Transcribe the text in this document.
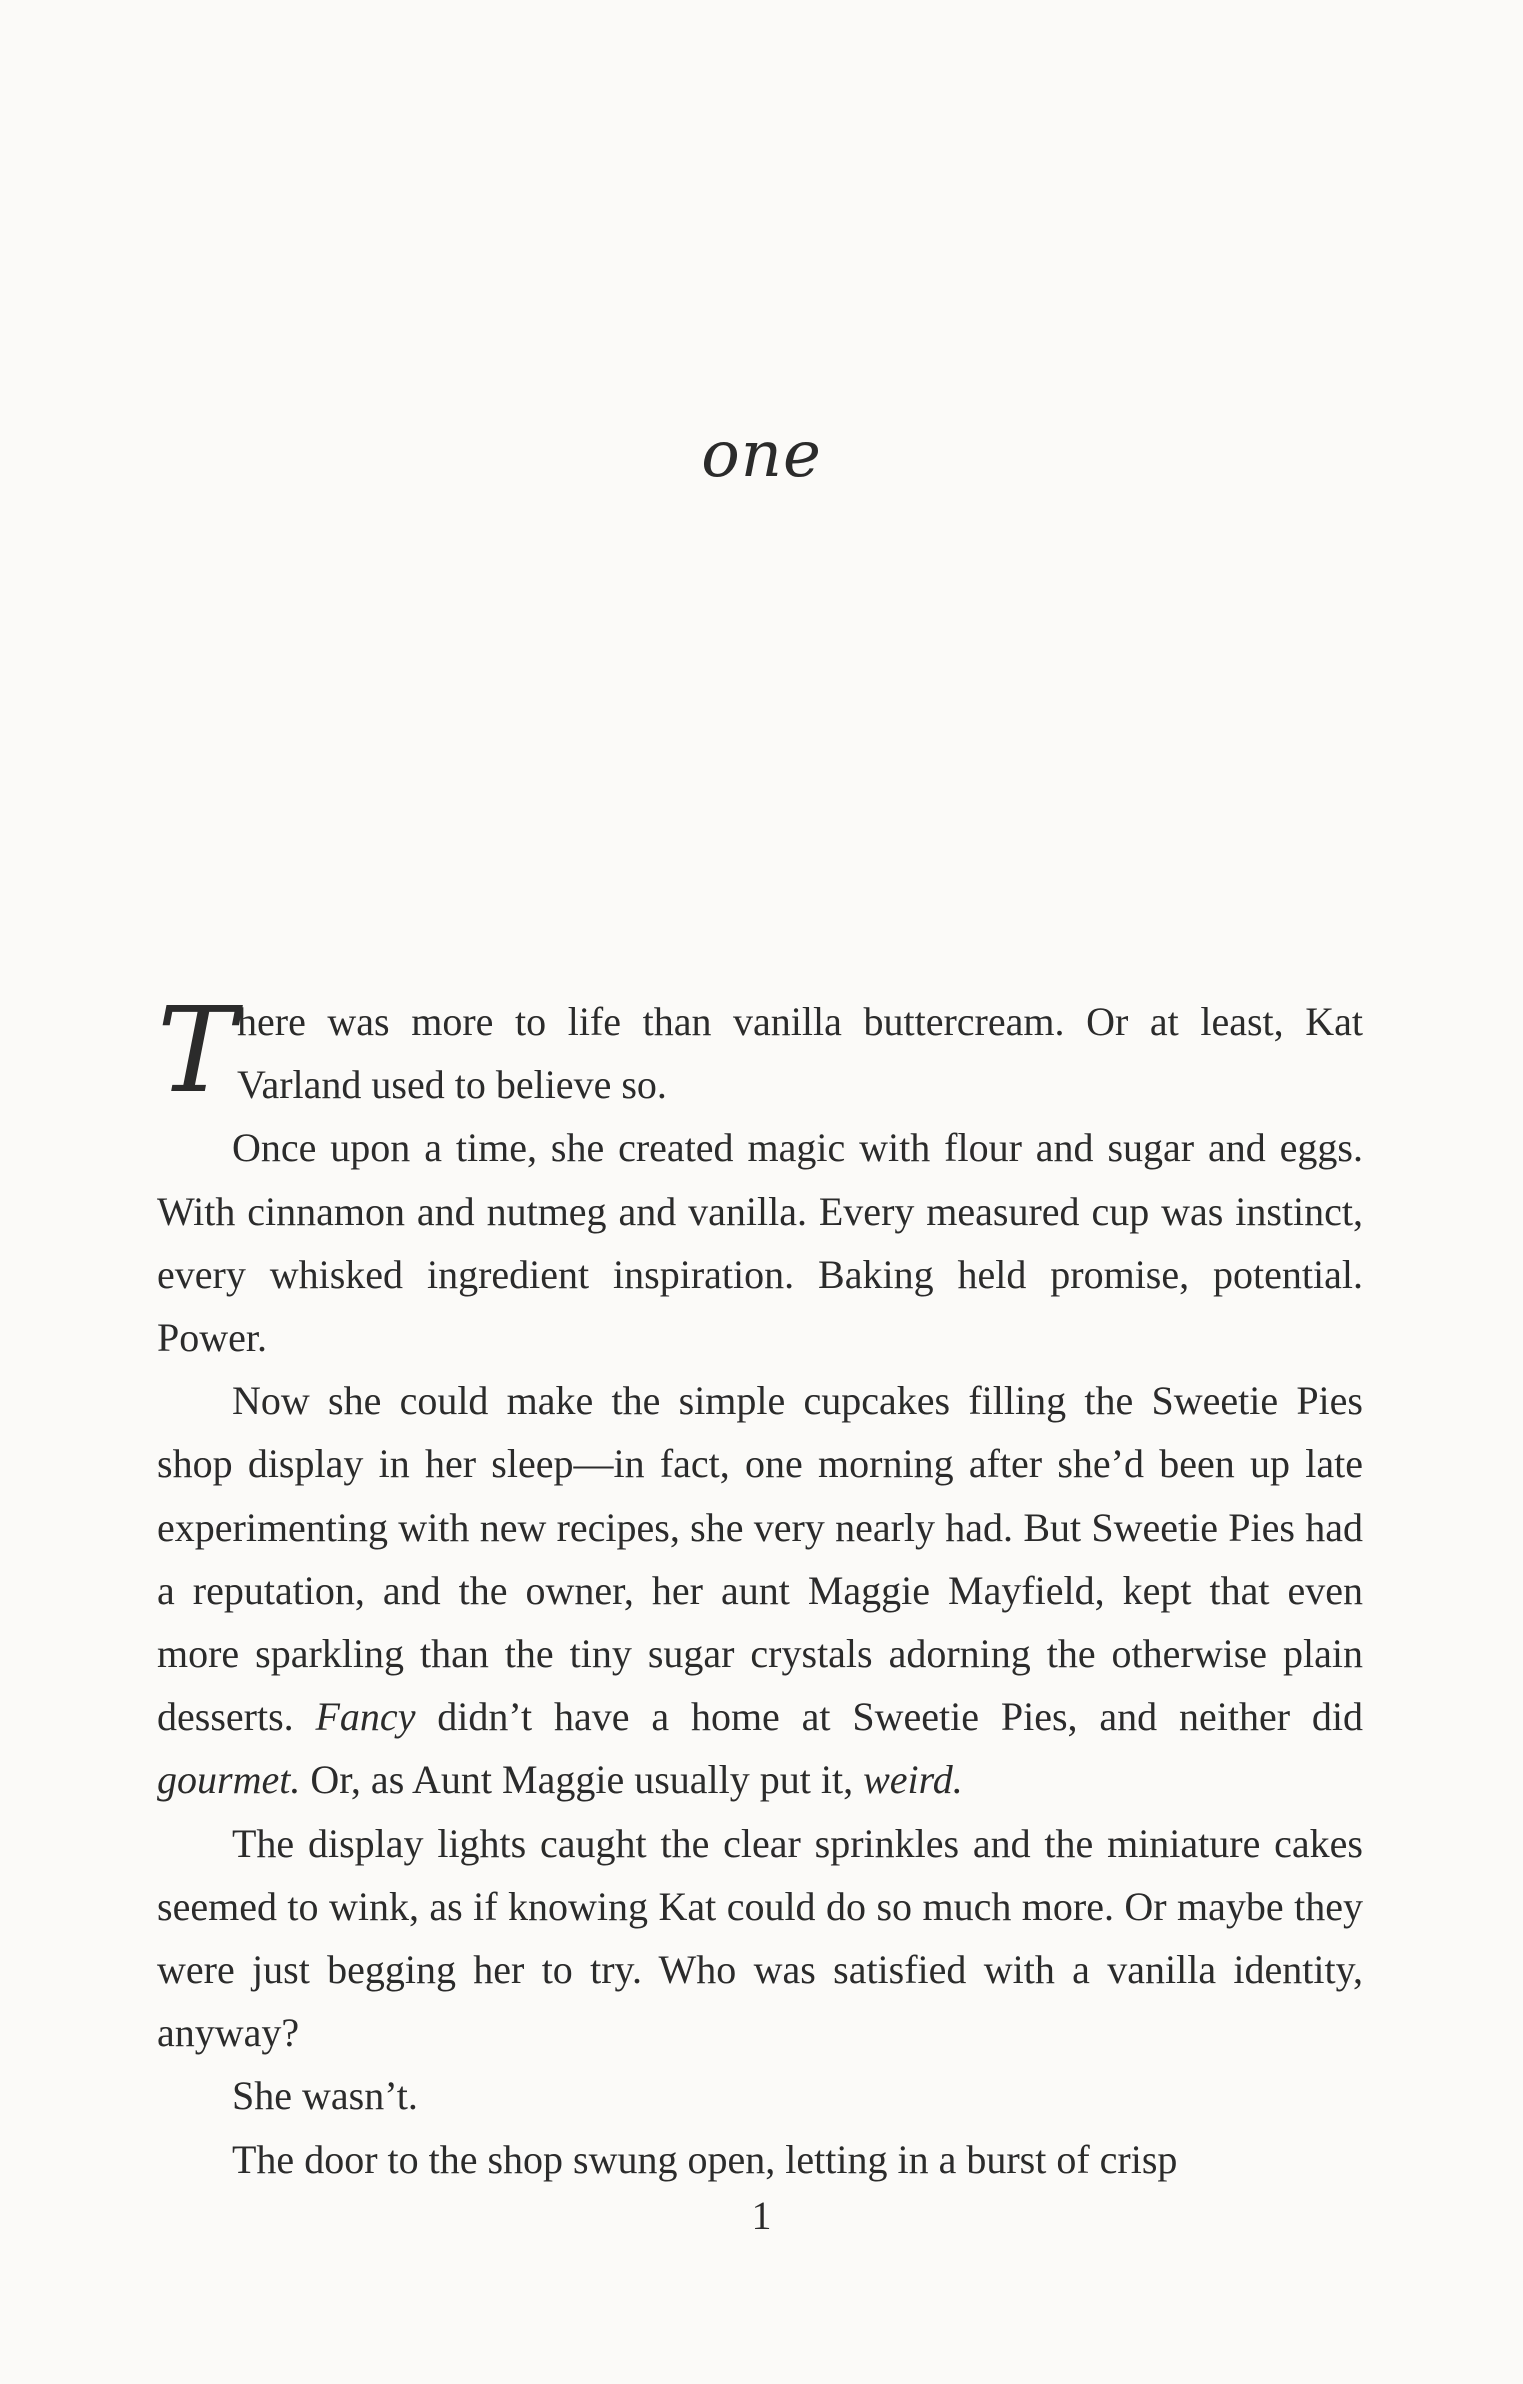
one

There was more to life than vanilla buttercream. Or at least, Kat Varland used to believe so.

Once upon a time, she created magic with flour and sugar and eggs. With cinnamon and nutmeg and vanilla. Every measured cup was instinct, every whisked ingredient inspiration. Baking held promise, potential. Power.

Now she could make the simple cupcakes filling the Sweetie Pies shop display in her sleep—in fact, one morning after she’d been up late experimenting with new recipes, she very nearly had. But Sweetie Pies had a reputation, and the owner, her aunt Maggie Mayfield, kept that even more sparkling than the tiny sugar crystals adorning the otherwise plain desserts. Fancy didn’t have a home at Sweetie Pies, and neither did gourmet. Or, as Aunt Maggie usually put it, weird.

The display lights caught the clear sprinkles and the miniature cakes seemed to wink, as if knowing Kat could do so much more. Or maybe they were just begging her to try. Who was satisfied with a vanilla identity, anyway?

She wasn’t.

The door to the shop swung open, letting in a burst of crisp

1
